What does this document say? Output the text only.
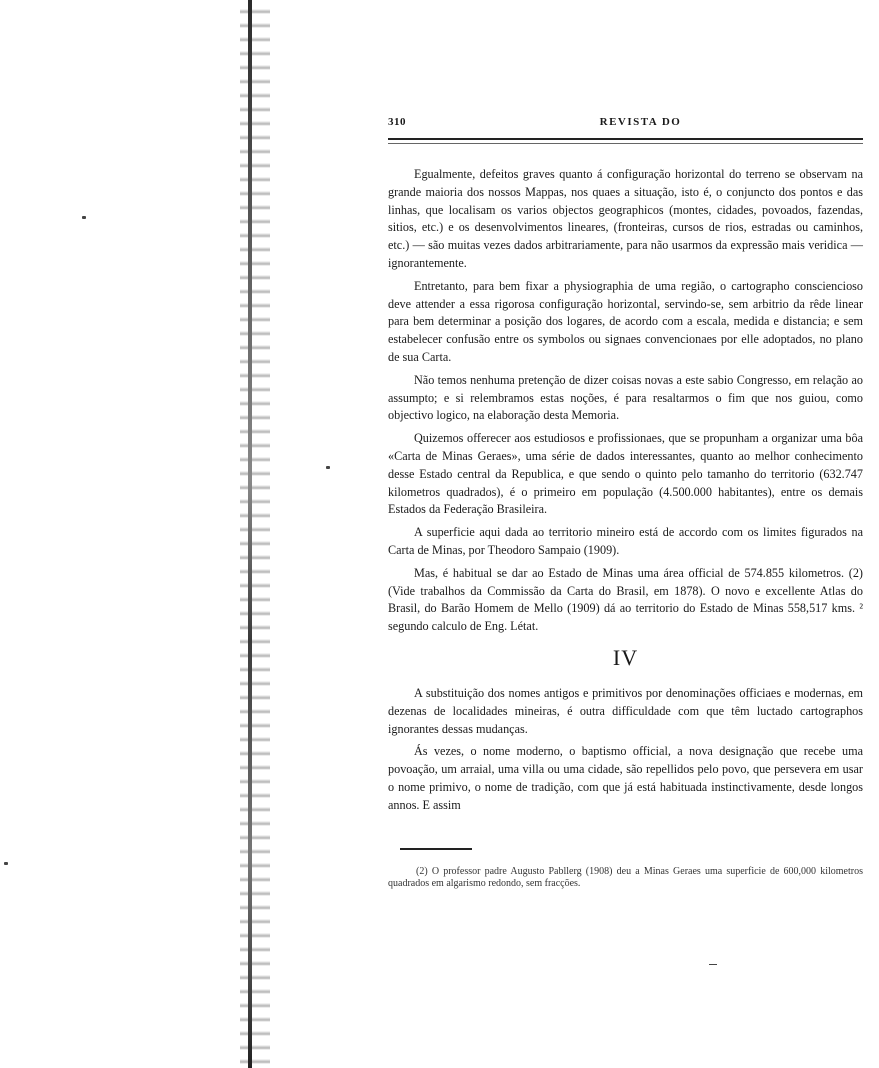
310	REVISTA DO

Egualmente, defeitos graves quanto á configuração horizontal do terreno se observam na grande maioria dos nossos Mappas, nos quaes a situação, isto é, o conjuncto dos pontos e das linhas, que localisam os varios objectos geographicos (montes, cidades, povoados, fazendas, sitios, etc.) e os desenvolvimentos lineares, (fronteiras, cursos de rios, estradas ou caminhos, etc.) — são muitas vezes dados arbitrariamente, para não usarmos da expressão mais veridica — ignorantemente.

Entretanto, para bem fixar a physiographia de uma região, o cartographo consciencioso deve attender a essa rigorosa configuração horizontal, servindo-se, sem arbitrio da rêde linear para bem determinar a posição dos logares, de acordo com a escala, medida e distancia; e sem estabelecer confusão entre os symbolos ou signaes convencionaes por elle adoptados, no plano de sua Carta.

Não temos nenhuma pretenção de dizer coisas novas a este sabio Congresso, em relação ao assumpto; e si relembramos estas noções, é para resaltarmos o fim que nos guiou, como objectivo logico, na elaboração desta Memoria.

Quizemos offerecer aos estudiosos e profissionaes, que se propunham a organizar uma bôa «Carta de Minas Geraes», uma série de dados interessantes, quanto ao melhor conhecimento desse Estado central da Republica, e que sendo o quinto pelo tamanho do territorio (632.747 kilometros quadrados), é o primeiro em população (4.500.000 habitantes), entre os demais Estados da Federação Brasileira.

A superficie aqui dada ao territorio mineiro está de accordo com os limites figurados na Carta de Minas, por Theodoro Sampaio (1909).

Mas, é habitual se dar ao Estado de Minas uma área official de 574.855 kilometros. (2) (Vide trabalhos da Commissão da Carta do Brasil, em 1878). O novo e excellente Atlas do Brasil, do Barão Homem de Mello (1909) dá ao territorio do Estado de Minas 558,517 kms. ² segundo calculo de Eng. Létat.

IV

A substituição dos nomes antigos e primitivos por denominações officiaes e modernas, em dezenas de localidades mineiras, é outra difficuldade com que têm luctado cartographos ignorantes dessas mudanças.

Ás vezes, o nome moderno, o baptismo official, a nova designação que recebe uma povoação, um arraial, uma villa ou uma cidade, são repellidos pelo povo, que persevera em usar o nome primivo, o nome de tradição, com que já está habituada instinctivamente, desde longos annos. E assim

(2) O professor padre Augusto Pabllerg (1908) deu a Minas Geraes uma superficie de 600,000 kilometros quadrados em algarismo redondo, sem fracções.
